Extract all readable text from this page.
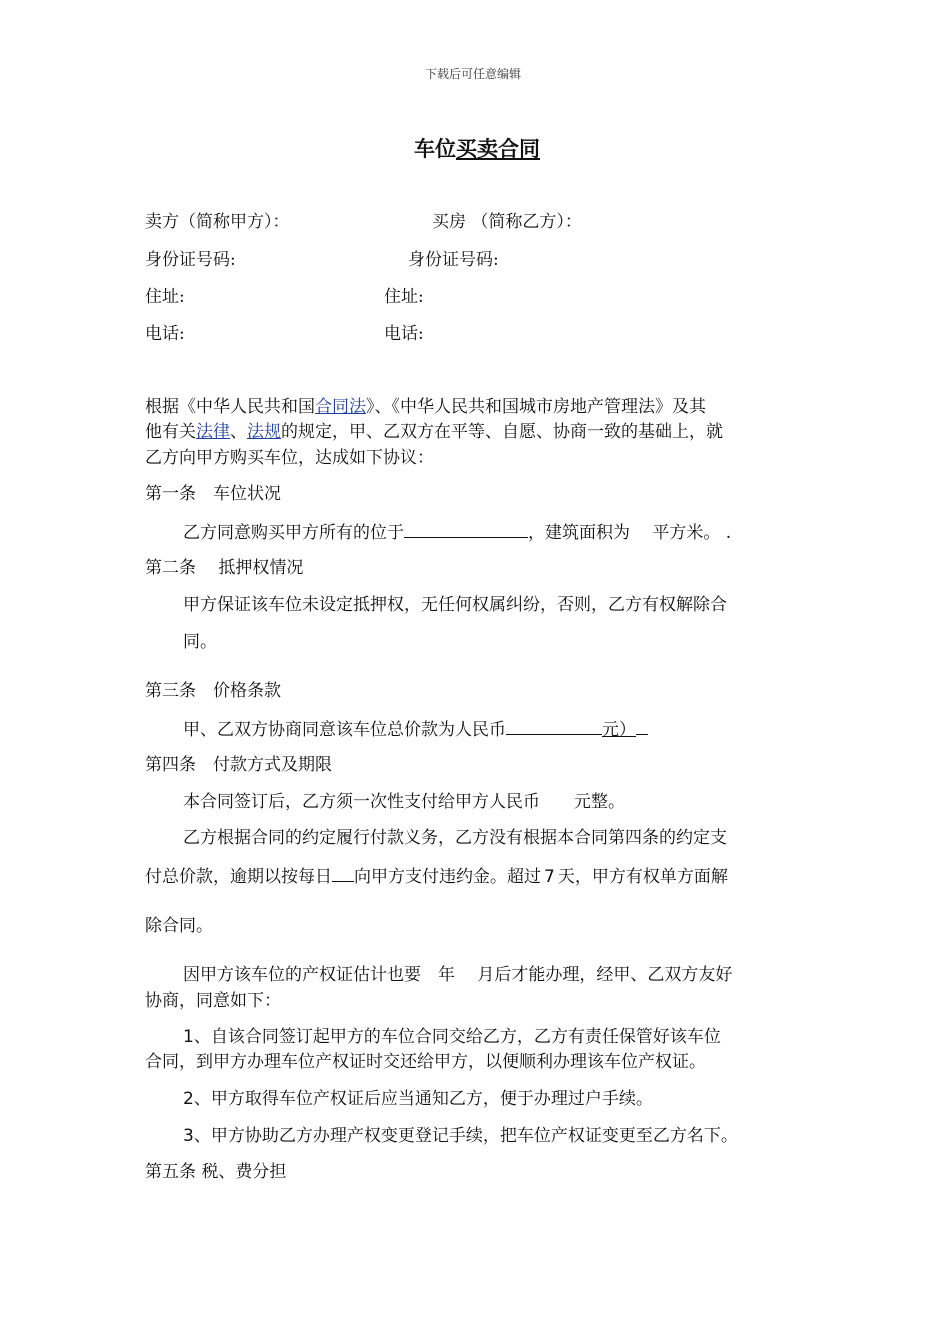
下载后可任意编辑
车位买卖合同
卖方（简称甲方）：	买房 （简称乙方）：
身份证号码:	身份证号码:
住址:	住址:
电话:	电话:
根据《中华人民共和国合同法》、《中华人民共和国城市房地产管理法》及其
他有关法律、法规的规定，甲、乙双方在平等、自愿、协商一致的基础上，就
乙方向甲方购买车位，达成如下协议：
第一条　车位状况
乙方同意购买甲方所有的位于	，建筑面积为　 平方米。 .
第二条　 抵押权情况
甲方保证该车位未设定抵押权，无任何权属纠纷，否则，乙方有权解除合
同。
第三条　价格条款
甲、乙双方协商同意该车位总价款为人民币	元）
第四条　付款方式及期限
本合同签订后，乙方须一次性支付给甲方人民币　　元整。
乙方根据合同的约定履行付款义务，乙方没有根据本合同第四条的约定支
付总价款，逾期以按每日 向甲方支付违约金。超过 7 天，甲方有权单方面解
除合同。
因甲方该车位的产权证估计也要　年　 月后才能办理，经甲、乙双方友好
协商，同意如下：
1、自该合同签订起甲方的车位合同交给乙方，乙方有责任保管好该车位
合同，到甲方办理车位产权证时交还给甲方，以便顺利办理该车位产权证。
2、甲方取得车位产权证后应当通知乙方，便于办理过户手续。
3、甲方协助乙方办理产权变更登记手续，把车位产权证变更至乙方名下。
第五条 税、费分担
